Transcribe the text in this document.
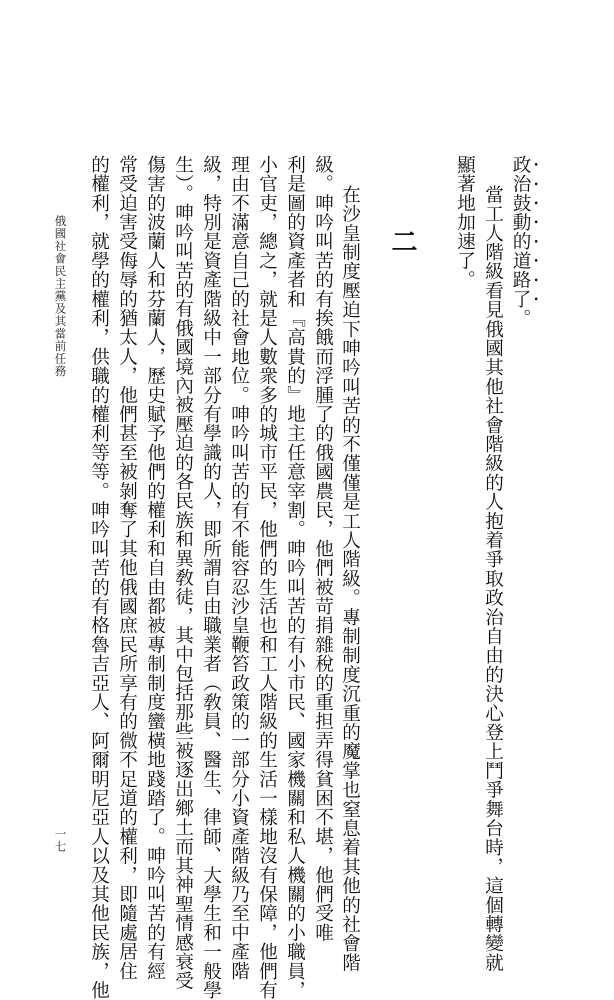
政治鼓動的道路了。
當工人階級看見俄國其他社會階級的人抱着爭取政治自由的決心登上鬥爭舞台時，這個轉變就
顯著地加速了。
二
在沙皇制度壓迫下呻吟叫苦的不僅僅是工人階級。專制制度沉重的魔掌也窒息着其他的社會階
級。呻吟叫苦的有挨餓而浮腫了的俄國農民，他們被苛捐雜稅的重担弄得貧困不堪，他們受唯
利是圖的資產者和『高貴的』地主任意宰割。呻吟叫苦的有小市民、國家機關和私人機關的小職員，
小官吏，總之，就是人數衆多的城市平民，他們的生活也和工人階級的生活一樣地沒有保障，他們有
理由不滿意自己的社會地位。呻吟叫苦的有不能容忍沙皇鞭笞政策的一部分小資產階級乃至中產階
級，特別是資產階級中一部分有學識的人，即所謂自由職業者（敎員、醫生、律師、大學生和一般學
生）。呻吟叫苦的有俄國境內被壓迫的各民族和異敎徒，其中包括那些被逐出鄉土而其神聖情感衰受
傷害的波蘭人和芬蘭人，歷史賦予他們的權利和自由都被專制制度蠻橫地踐踏了。呻吟叫苦的有經
常受迫害受侮辱的猶太人，他們甚至被剝奪了其他俄國庶民所享有的微不足道的權利，即隨處居住
的權利，就學的權利，供職的權利等等。呻吟叫苦的有格魯吉亞人、阿爾明尼亞人以及其他民族，他
俄國社會民主黨及其當前任務
一七
